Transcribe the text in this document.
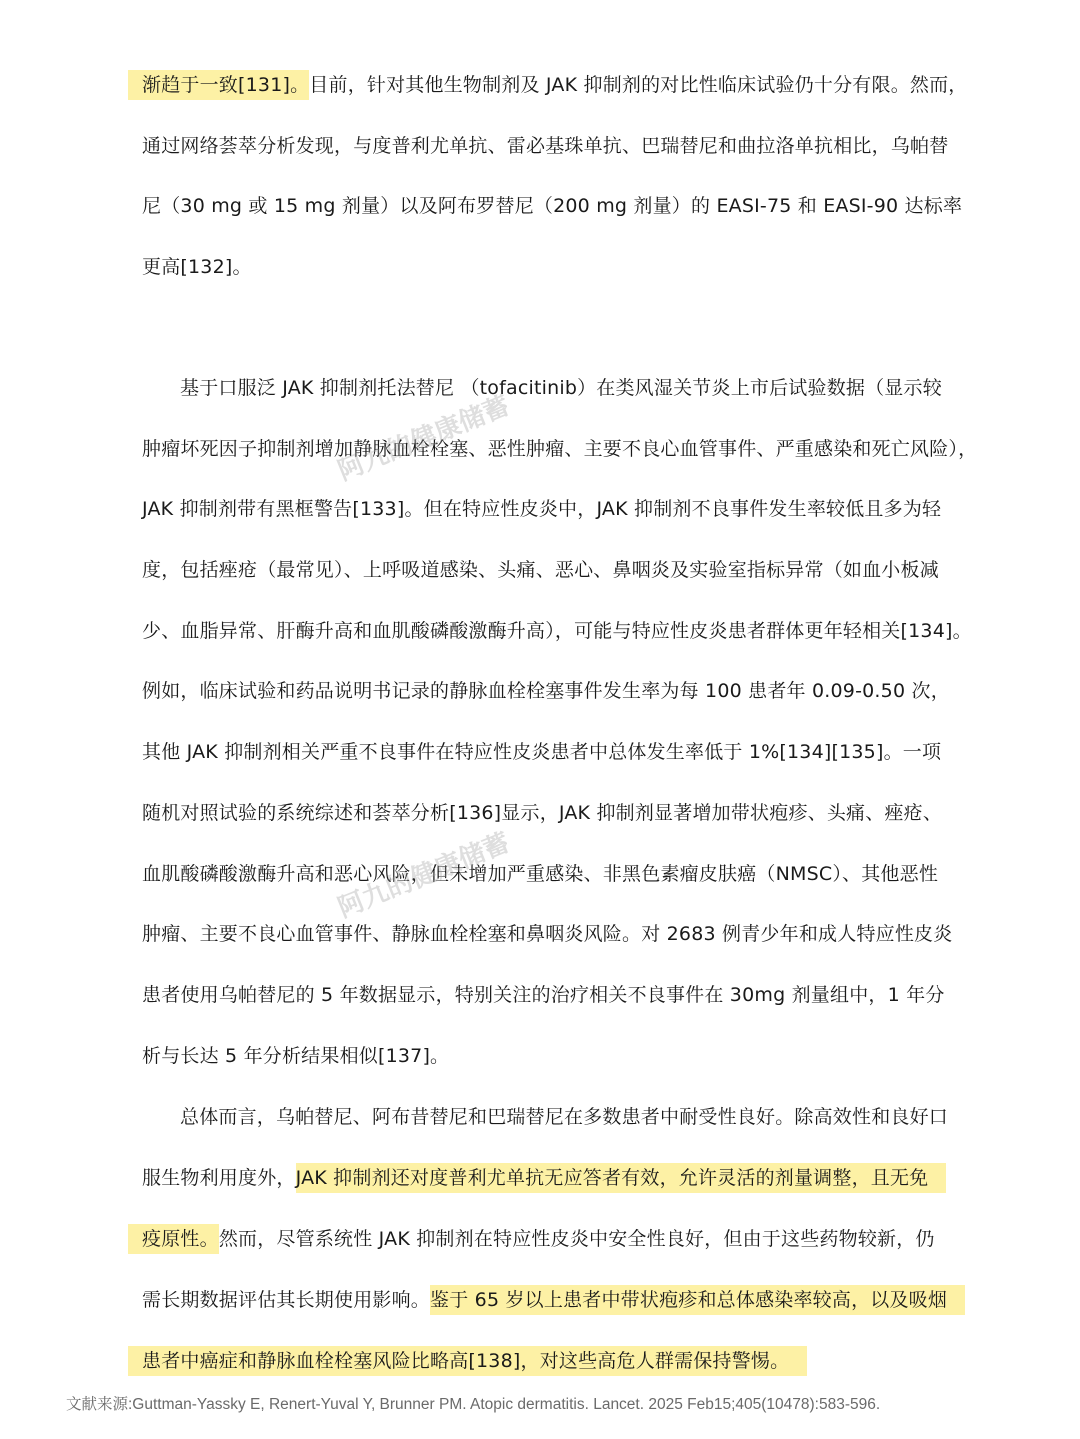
渐趋于一致[131]。目前，针对其他生物制剂及 JAK 抑制剂的对比性临床试验仍十分有限。然而，
通过网络荟萃分析发现，与度普利尤单抗、雷必基珠单抗、巴瑞替尼和曲拉洛单抗相比，乌帕替
尼（30 mg 或 15 mg 剂量）以及阿布罗替尼（200 mg 剂量）的 EASI-75 和 EASI-90 达标率
更高[132]。
基于口服泛 JAK 抑制剂托法替尼 （tofacitinib）在类风湿关节炎上市后试验数据（显示较
肿瘤坏死因子抑制剂增加静脉血栓栓塞、恶性肿瘤、主要不良心血管事件、严重感染和死亡风险），
JAK 抑制剂带有黑框警告[133]。但在特应性皮炎中，JAK 抑制剂不良事件发生率较低且多为轻
度，包括痤疮（最常见）、上呼吸道感染、头痛、恶心、鼻咽炎及实验室指标异常（如血小板减
少、血脂异常、肝酶升高和血肌酸磷酸激酶升高），可能与特应性皮炎患者群体更年轻相关[134]。
例如，临床试验和药品说明书记录的静脉血栓栓塞事件发生率为每 100 患者年 0.09-0.50 次，
其他 JAK 抑制剂相关严重不良事件在特应性皮炎患者中总体发生率低于 1%[134][135]。一项
随机对照试验的系统综述和荟萃分析[136]显示，JAK 抑制剂显著增加带状疱疹、头痛、痤疮、
血肌酸磷酸激酶升高和恶心风险，但未增加严重感染、非黑色素瘤皮肤癌（NMSC）、其他恶性
肿瘤、主要不良心血管事件、静脉血栓栓塞和鼻咽炎风险。对 2683 例青少年和成人特应性皮炎
患者使用乌帕替尼的 5 年数据显示，特别关注的治疗相关不良事件在 30mg 剂量组中，1 年分
析与长达 5 年分析结果相似[137]。
总体而言，乌帕替尼、阿布昔替尼和巴瑞替尼在多数患者中耐受性良好。除高效性和良好口
服生物利用度外，JAK 抑制剂还对度普利尤单抗无应答者有效，允许灵活的剂量调整，且无免
疫原性。然而，尽管系统性 JAK 抑制剂在特应性皮炎中安全性良好，但由于这些药物较新，仍
需长期数据评估其长期使用影响。鉴于 65 岁以上患者中带状疱疹和总体感染率较高，以及吸烟
患者中癌症和静脉血栓栓塞风险比略高[138]，对这些高危人群需保持警惕。
阿九的健康储蓄
阿九的健康储蓄
文献来源:Guttman-Yassky E, Renert-Yuval Y, Brunner PM. Atopic dermatitis. Lancet. 2025 Feb15;405(10478):583-596.
